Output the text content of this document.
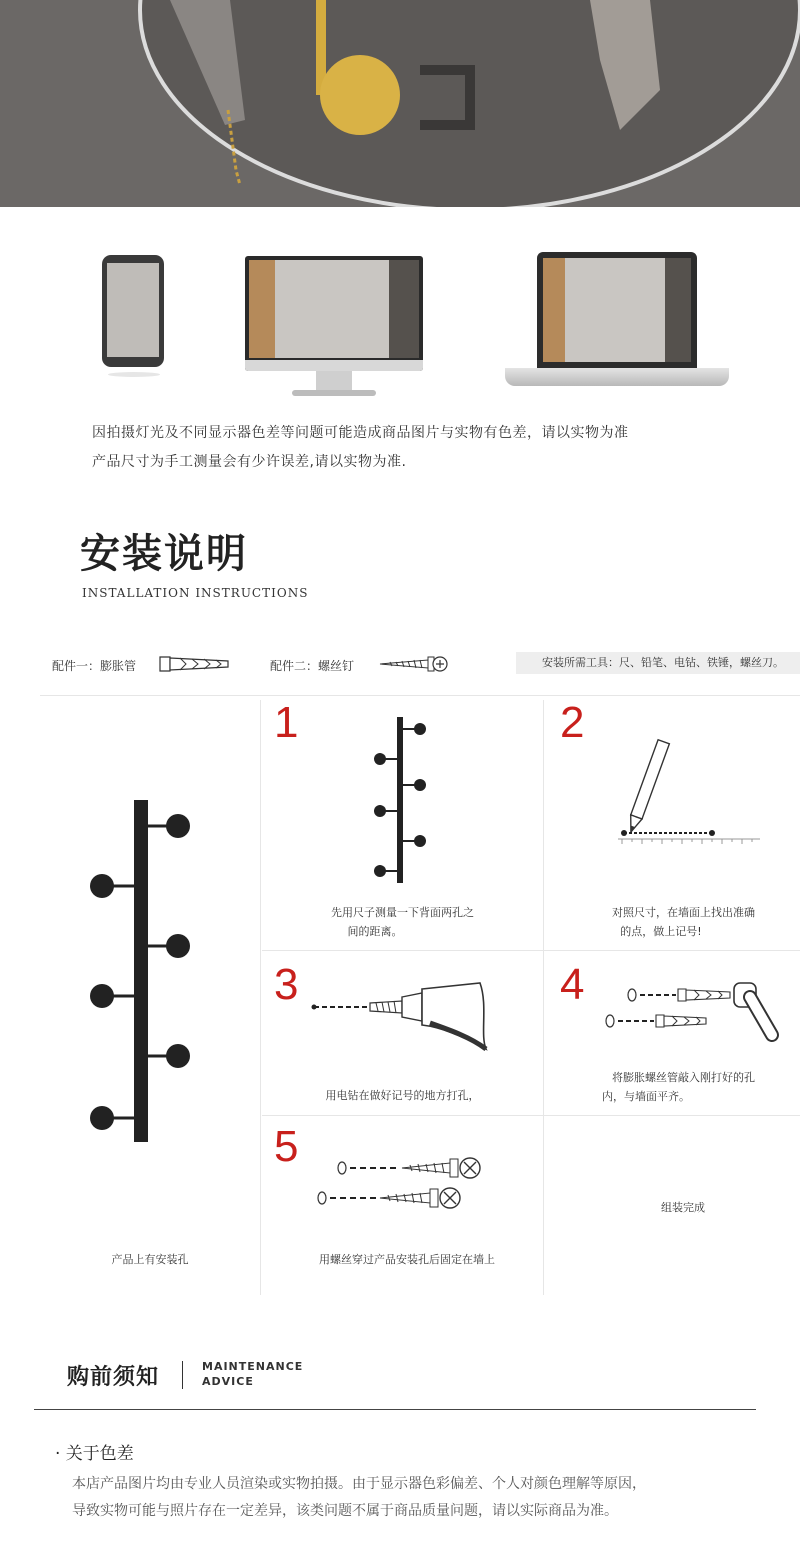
因拍摄灯光及不同显示器色差等问题可能造成商品图片与实物有色差，请以实物为准
产品尺寸为手工测量会有少许误差,请以实物为准.
安装说明
INSTALLATION INSTRUCTIONS
配件一：膨胀管	配件二：螺丝钉	安装所需工具：尺、铅笔、电钻、铁锤，螺丝刀。
产品上有安装孔
1
先用尺子测量一下背面两孔之
间的距离。
2
对照尺寸，在墙面上找出准确
的点，做上记号!
3
用电钻在做好记号的地方打孔，
4
将膨胀螺丝管敲入刚打好的孔
内，与墙面平齐。
5
用螺丝穿过产品安装孔后固定在墙上
组装完成
购前须知	MAINTENANCE
ADVICE
· 关于色差
本店产品图片均由专业人员渲染或实物拍摄。由于显示器色彩偏差、个人对颜色理解等原因，
导致实物可能与照片存在一定差异，该类问题不属于商品质量问题，请以实际商品为准。
